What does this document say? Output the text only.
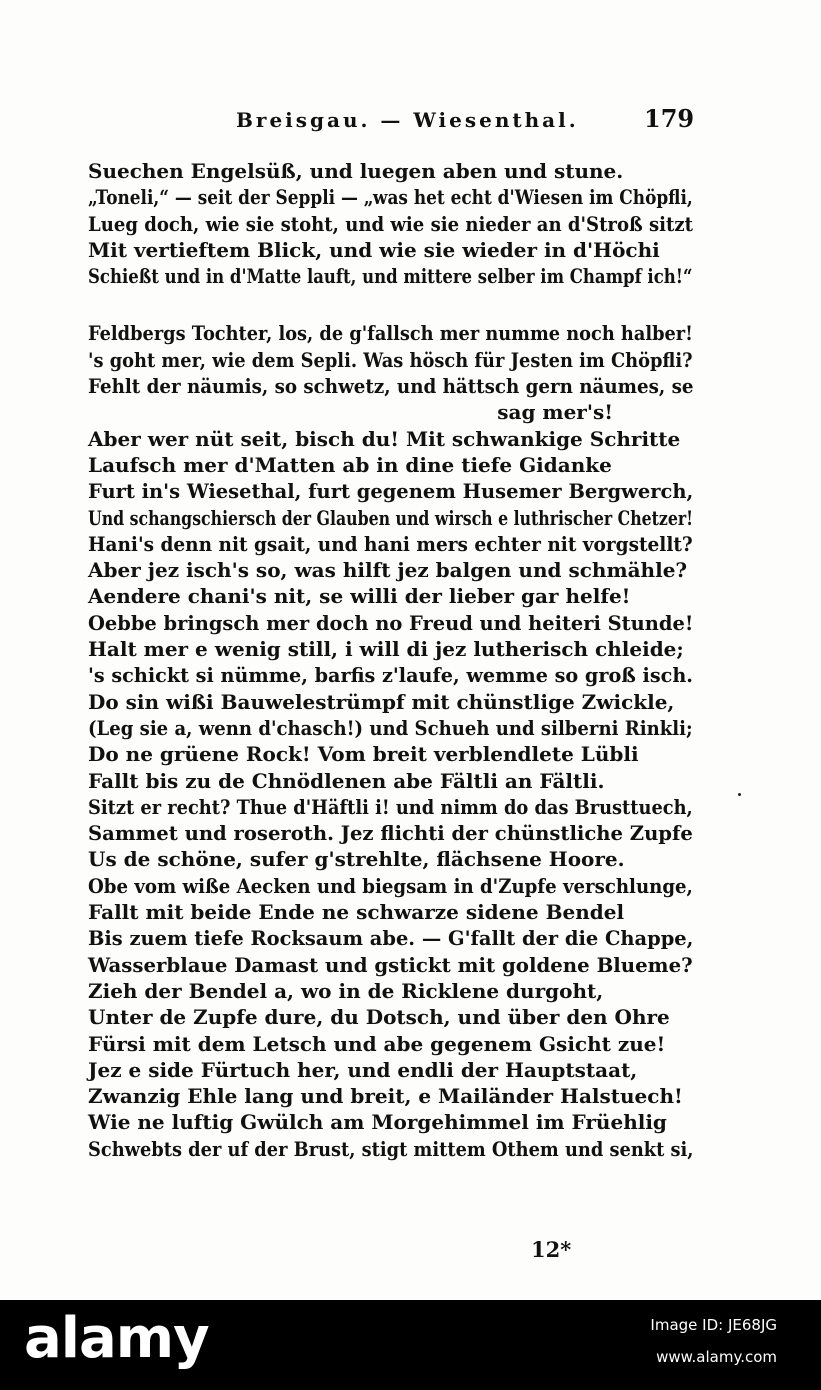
Breisgau. — Wiesenthal.	179
Suechen Engelsüß, und luegen aben und stune.
„Toneli,“ — seit der Seppli — „was het echt d'Wiesen im Chöpfli,
Lueg doch, wie sie stoht, und wie sie nieder an d'Stroß sitzt
Mit vertieftem Blick, und wie sie wieder in d'Höchi
Schießt und in d'Matte lauft, und mittere selber im Champf ich!“
Feldbergs Tochter, los, de g'fallsch mer numme noch halber!
's goht mer, wie dem Sepli. Was hösch für Jesten im Chöpfli?
Fehlt der näumis, so schwetz, und hättsch gern näumes, se
sag mer's!
Aber wer nüt seit, bisch du! Mit schwankige Schritte
Laufsch mer d'Matten ab in dine tiefe Gidanke
Furt in's Wiesethal, furt gegenem Husemer Bergwerch,
Und schangschiersch der Glauben und wirsch e luthrischer Chetzer!
Hani's denn nit gsait, und hani mers echter nit vorgstellt?
Aber jez isch's so, was hilft jez balgen und schmähle?
Aendere chani's nit, se willi der lieber gar helfe!
Oebbe bringsch mer doch no Freud und heiteri Stunde!
Halt mer e wenig still, i will di jez lutherisch chleide;
's schickt si nümme, barfis z'laufe, wemme so groß isch.
Do sin wißi Bauwelestrümpf mit chünstlige Zwickle,
(Leg sie a, wenn d'chasch!) und Schueh und silberni Rinkli;
Do ne grüene Rock! Vom breit verblendlete Lübli
Fallt bis zu de Chnödlenen abe Fältli an Fältli.
Sitzt er recht? Thue d'Häftli i! und nimm do das Brusttuech,
Sammet und roseroth. Jez flichti der chünstliche Zupfe
Us de schöne, sufer g'strehlte, flächsene Hoore.
Obe vom wiße Aecken und biegsam in d'Zupfe verschlunge,
Fallt mit beide Ende ne schwarze sidene Bendel
Bis zuem tiefe Rocksaum abe. — G'fallt der die Chappe,
Wasserblaue Damast und gstickt mit goldene Blueme?
Zieh der Bendel a, wo in de Ricklene durgoht,
Unter de Zupfe dure, du Dotsch, und über den Ohre
Fürsi mit dem Letsch und abe gegenem Gsicht zue!
Jez e side Fürtuch her, und endli der Hauptstaat,
Zwanzig Ehle lang und breit, e Mailänder Halstuech!
Wie ne luftig Gwülch am Morgehimmel im Früehlig
Schwebts der uf der Brust, stigt mittem Othem und senkt si,
12*
alamy	Image ID: JE68JG
www.alamy.com
